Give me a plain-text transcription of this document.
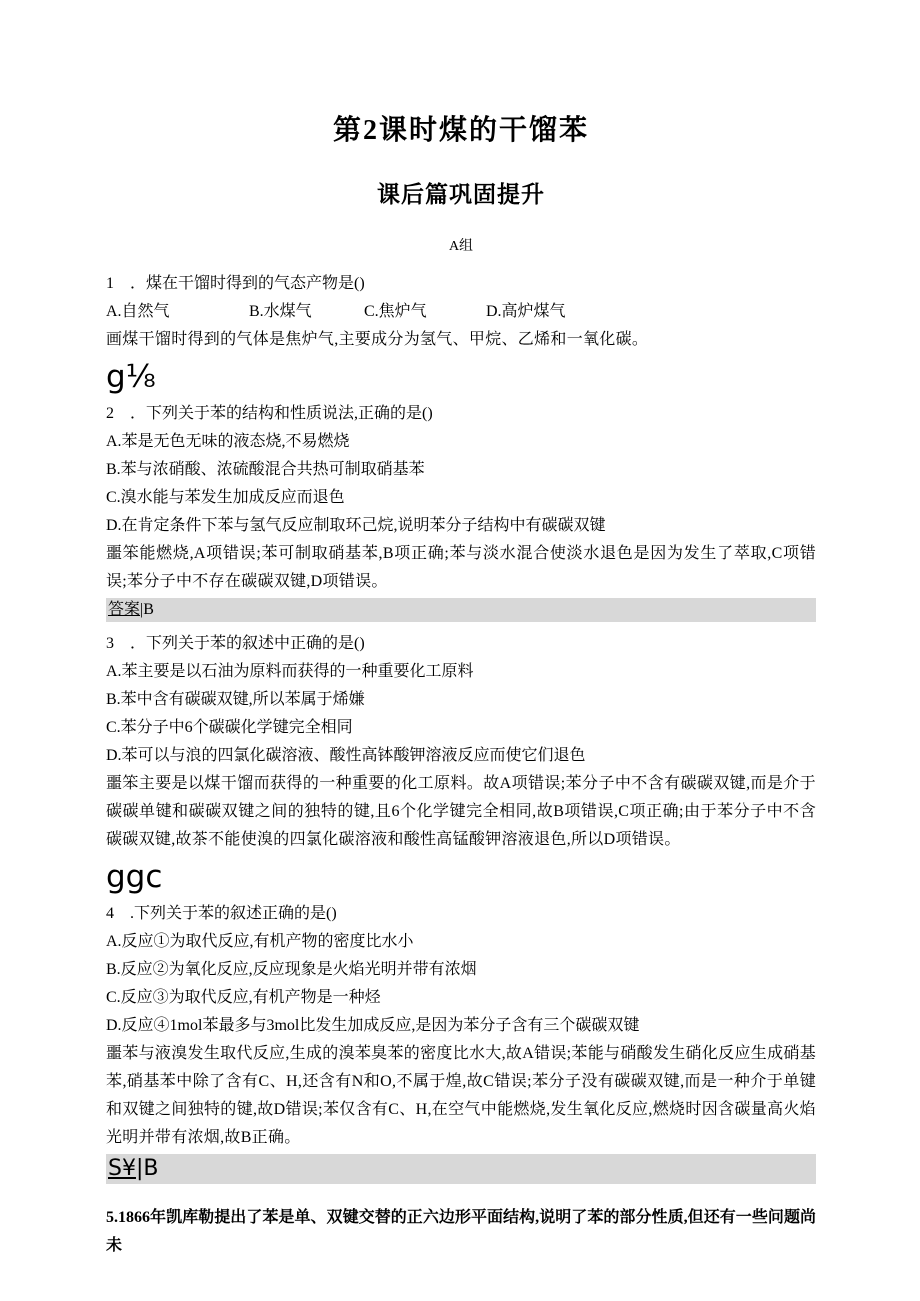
第2课时煤的干馏苯
课后篇巩固提升
A组

1　．煤在干馏时得到的气态产物是()

A.自然气	B.水煤气	C.焦炉气	D.高炉煤气

画煤干馏时得到的气体是焦炉气,主要成分为氢气、甲烷、乙烯和一氧化碳。

g⅛

2　．下列关于苯的结构和性质说法,正确的是()

A.苯是无色无味的液态烧,不易燃烧

B.苯与浓硝酸、浓硫酸混合共热可制取硝基苯

C.溴水能与苯发生加成反应而退色

D.在肯定条件下苯与氢气反应制取环己烷,说明苯分子结构中有碳碳双键

噩笨能燃烧,A项错误;苯可制取硝基苯,B项正确;苯与淡水混合使淡水退色是因为发生了萃取,C项错误;苯分子中不存在碳碳双键,D项错误。

答案|B

3　．下列关于苯的叙述中正确的是()

A.苯主要是以石油为原料而获得的一种重要化工原料

B.苯中含有碳碳双键,所以苯属于烯嫌

C.苯分子中6个碳碳化学键完全相同

D.苯可以与浪的四氯化碳溶液、酸性高钵酸钾溶液反应而使它们退色

噩笨主要是以煤干馏而获得的一种重要的化工原料。故A项错误;苯分子中不含有碳碳双键,而是介于碳碳单键和碳碳双键之间的独特的键,且6个化学键完全相同,故B项错误,C项正确;由于苯分子中不含碳碳双键,故茶不能使溴的四氯化碳溶液和酸性高锰酸钾溶液退色,所以D项错误。

ggc

4　.下列关于苯的叙述正确的是()

A.反应①为取代反应,有机产物的密度比水小

B.反应②为氧化反应,反应现象是火焰光明并带有浓烟

C.反应③为取代反应,有机产物是一种烃

D.反应④1mol苯最多与3mol比发生加成反应,是因为苯分子含有三个碳碳双键

噩苯与液溴发生取代反应,生成的溴苯臭苯的密度比水大,故A错误;苯能与硝酸发生硝化反应生成硝基苯,硝基苯中除了含有C、H,还含有N和O,不属于煌,故C错误;苯分子没有碳碳双键,而是一种介于单键和双键之间独特的键,故D错误;苯仅含有C、H,在空气中能燃烧,发生氧化反应,燃烧时因含碳量高火焰光明并带有浓烟,故B正确。

S¥|B

5.1866年凯库勒提出了苯是单、双键交替的正六边形平面结构,说明了苯的部分性质,但还有一些问题尚未
